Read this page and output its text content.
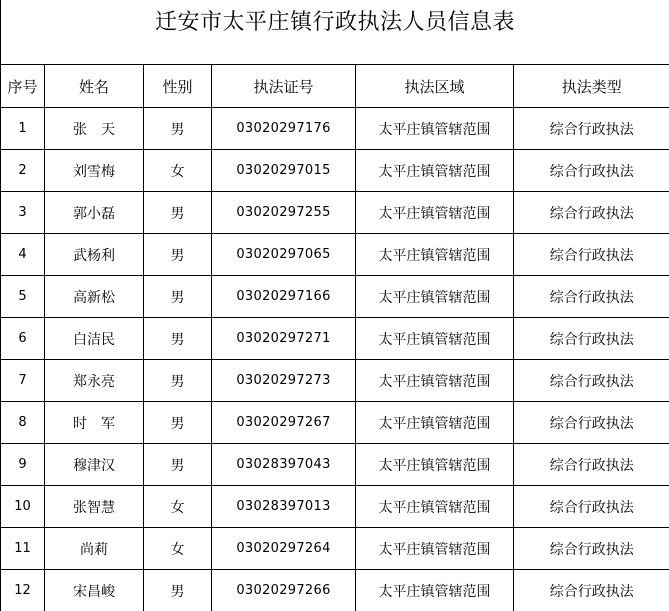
迁安市太平庄镇行政执法人员信息表
序号	姓名	性别	执法证号	执法区域	执法类型
1	张　天	男	03020297176	太平庄镇管辖范围	综合行政执法
2	刘雪梅	女	03020297015	太平庄镇管辖范围	综合行政执法
3	郭小磊	男	03020297255	太平庄镇管辖范围	综合行政执法
4	武杨利	男	03020297065	太平庄镇管辖范围	综合行政执法
5	高新松	男	03020297166	太平庄镇管辖范围	综合行政执法
6	白洁民	男	03020297271	太平庄镇管辖范围	综合行政执法
7	郑永亮	男	03020297273	太平庄镇管辖范围	综合行政执法
8	时　军	男	03020297267	太平庄镇管辖范围	综合行政执法
9	穆津汉	男	03028397043	太平庄镇管辖范围	综合行政执法
10	张智慧	女	03028397013	太平庄镇管辖范围	综合行政执法
11	尚莉	女	03020297264	太平庄镇管辖范围	综合行政执法
12	宋昌峻	男	03020297266	太平庄镇管辖范围	综合行政执法
